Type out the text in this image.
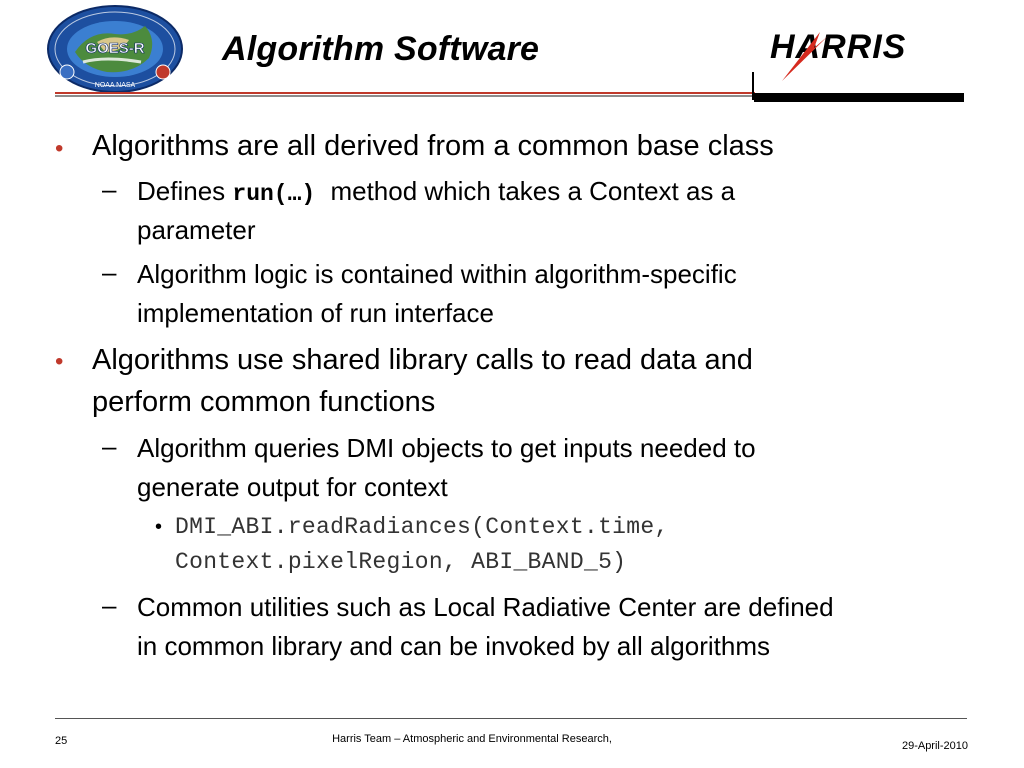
GOES-R
NOAA NASA
Algorithm Software	HARRIS
• Algorithms are all derived from a common base class
– Defines run(…) method which takes a Context as a
parameter
– Algorithm logic is contained within algorithm-specific
implementation of run interface
• Algorithms use shared library calls to read data and
perform common functions
– Algorithm queries DMI objects to get inputs needed to
generate output for context
• DMI_ABI.readRadiances(Context.time,
Context.pixelRegion, ABI_BAND_5)
– Common utilities such as Local Radiative Center are defined
in common library and can be invoked by all algorithms
25	Harris Team – Atmospheric and Environmental Research,
29-April-2010
